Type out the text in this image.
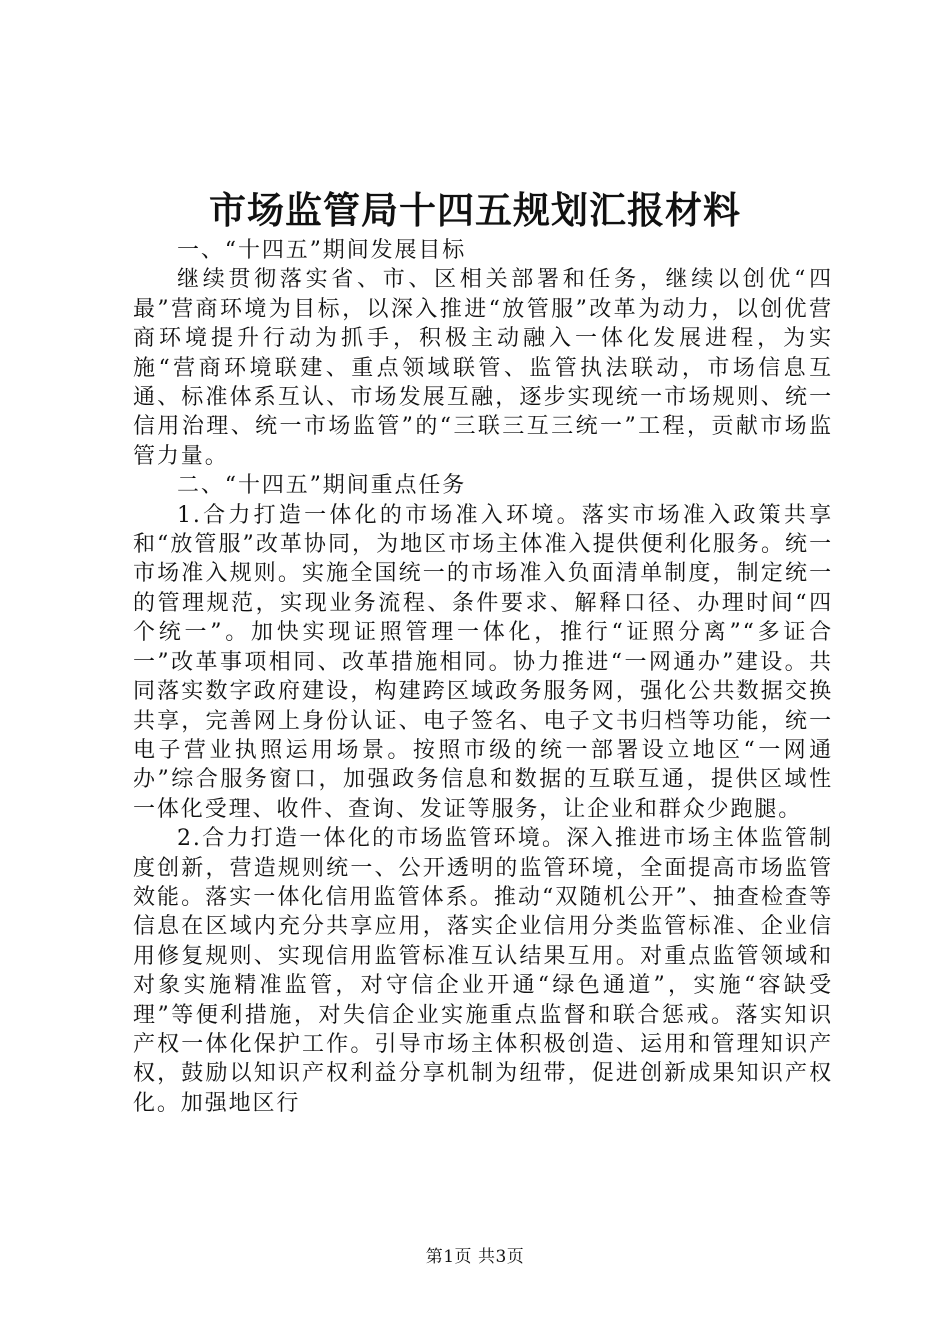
市场监管局十四五规划汇报材料

一、“十四五”期间发展目标

继续贯彻落实省、市、区相关部署和任务，继续以创优“四最”营商环境为目标，以深入推进“放管服”改革为动力，以创优营商环境提升行动为抓手，积极主动融入一体化发展进程，为实施“营商环境联建、重点领域联管、监管执法联动，市场信息互通、标准体系互认、市场发展互融，逐步实现统一市场规则、统一信用治理、统一市场监管”的“三联三互三统一”工程，贡献市场监管力量。

二、“十四五”期间重点任务

1.合力打造一体化的市场准入环境。落实市场准入政策共享和“放管服”改革协同，为地区市场主体准入提供便利化服务。统一市场准入规则。实施全国统一的市场准入负面清单制度，制定统一的管理规范，实现业务流程、条件要求、解释口径、办理时间“四个统一”。加快实现证照管理一体化，推行“证照分离”“多证合一”改革事项相同、改革措施相同。协力推进“一网通办”建设。共同落实数字政府建设，构建跨区域政务服务网，强化公共数据交换共享，完善网上身份认证、电子签名、电子文书归档等功能，统一电子营业执照运用场景。按照市级的统一部署设立地区“一网通办”综合服务窗口，加强政务信息和数据的互联互通，提供区域性一体化受理、收件、查询、发证等服务，让企业和群众少跑腿。

2.合力打造一体化的市场监管环境。深入推进市场主体监管制度创新，营造规则统一、公开透明的监管环境，全面提高市场监管效能。落实一体化信用监管体系。推动“双随机公开”、抽查检查等信息在区域内充分共享应用，落实企业信用分类监管标准、企业信用修复规则、实现信用监管标准互认结果互用。对重点监管领域和对象实施精准监管，对守信企业开通“绿色通道”，实施“容缺受理”等便利措施，对失信企业实施重点监督和联合惩戒。落实知识产权一体化保护工作。引导市场主体积极创造、运用和管理知识产权，鼓励以知识产权利益分享机制为纽带，促进创新成果知识产权化。加强地区行

第1页 共3页
